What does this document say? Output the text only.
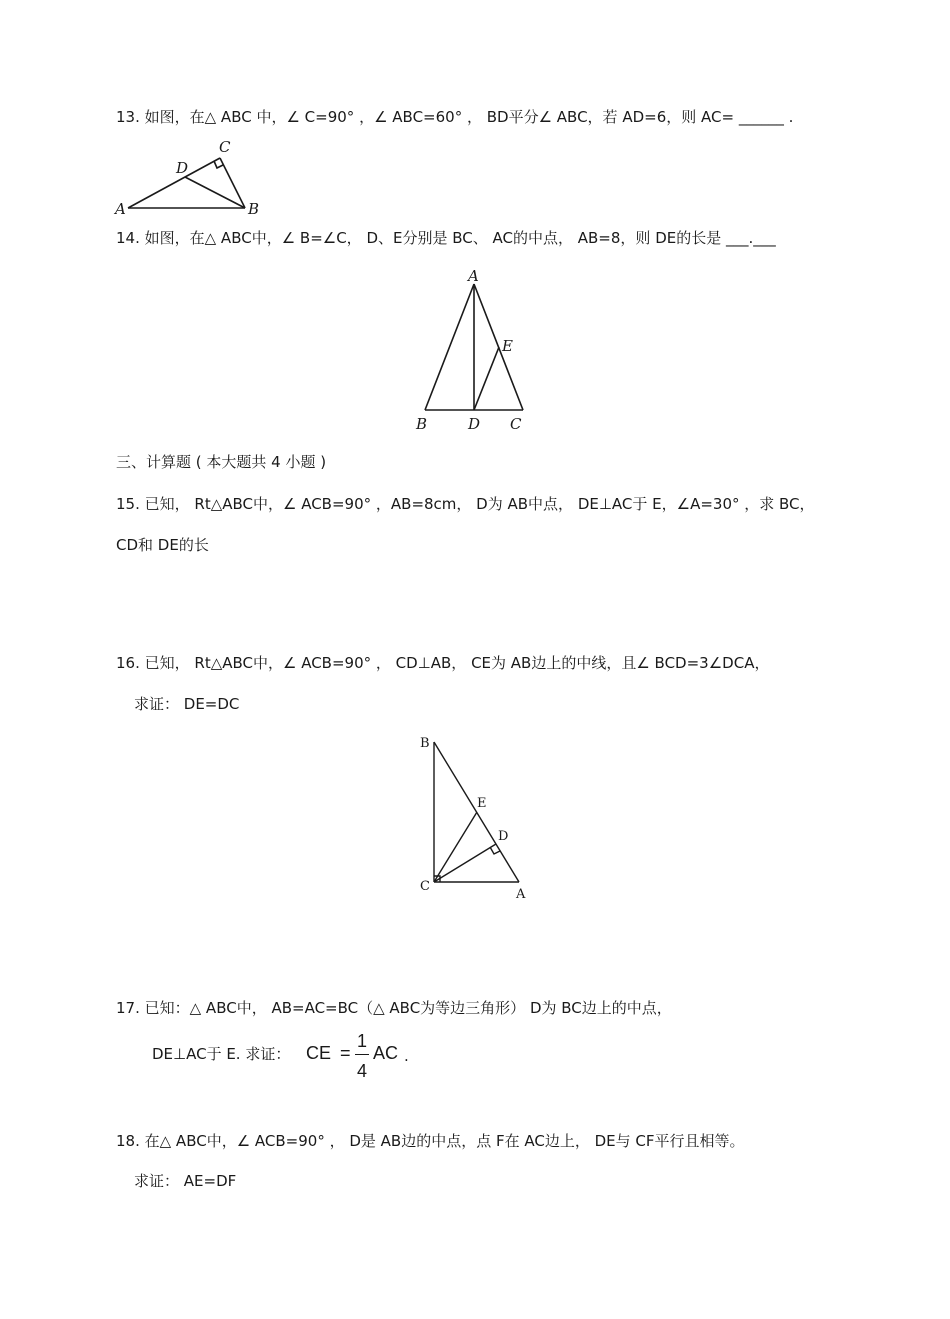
13. 如图，在△ ABC 中，∠ C=90° ，∠ ABC=60° ， BD平分∠ ABC，若 AD=6，则 AC= ______ .
A	B
C
D
14. 如图，在△ ABC中，∠ B=∠C， D、E分别是 BC、 AC的中点， AB=8，则 DE的长是 ___.___
A
B	D C
E
三、计算题 ( 本大题共 4 小题 )
15. 已知， Rt△ABC中，∠ ACB=90° ，AB=8cm， D为 AB中点， DE⊥AC于 E，∠A=30° ，求 BC，
CD和 DE的长
16. 已知， Rt△ABC中，∠ ACB=90° ， CD⊥AB， CE为 AB边上的中线，且∠ BCD=3∠DCA，
求证： DE=DC
B
C
A
E
D
17. 已知：△ ABC中， AB=AC=BC（△ ABC为等边三角形） D为 BC边上的中点，
DE⊥AC于 E. 求证： CE =
1
4
AC .
18. 在△ ABC中，∠ ACB=90° ， D是 AB边的中点，点 F在 AC边上， DE与 CF平行且相等。
求证： AE=DF
